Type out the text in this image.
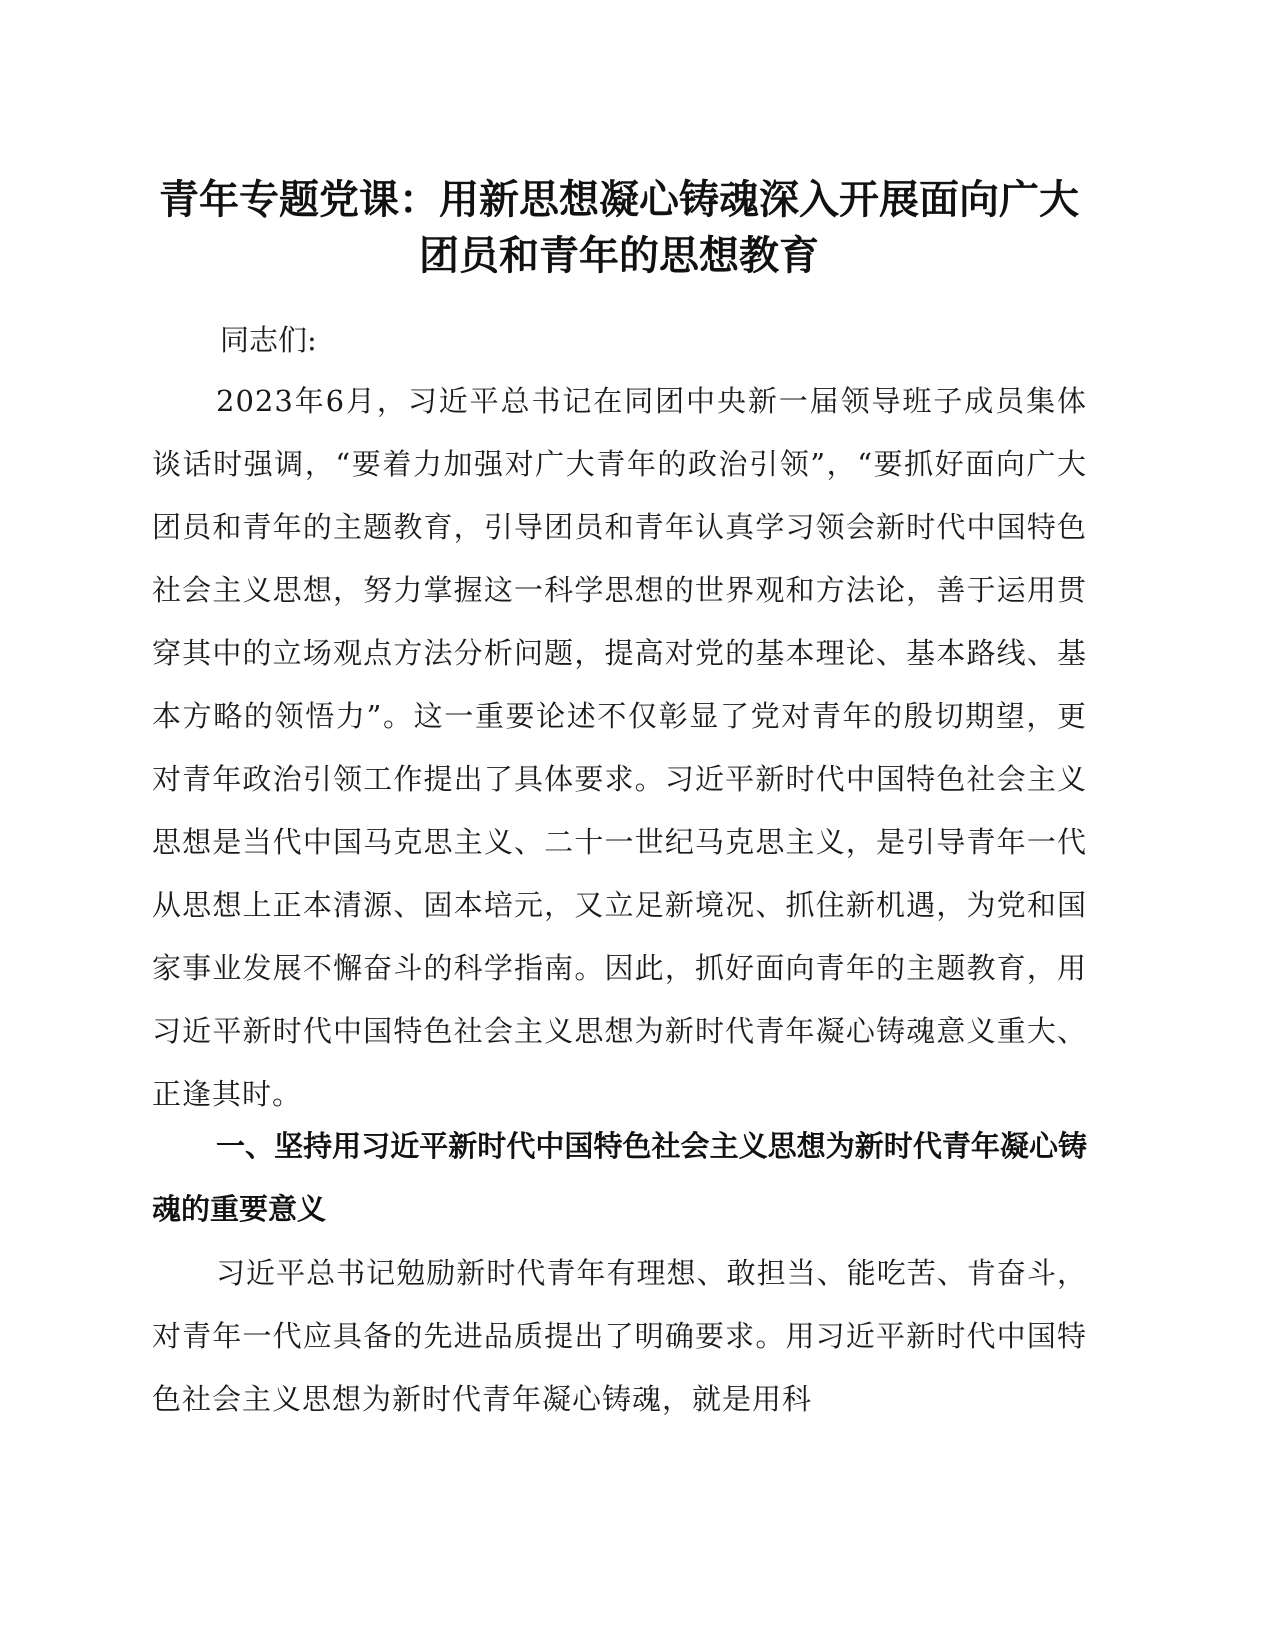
青年专题党课：用新思想凝心铸魂深入开展面向广大团员和青年的思想教育

同志们:

2023年6月，习近平总书记在同团中央新一届领导班子成员集体谈话时强调，“要着力加强对广大青年的政治引领”，“要抓好面向广大团员和青年的主题教育，引导团员和青年认真学习领会新时代中国特色社会主义思想，努力掌握这一科学思想的世界观和方法论，善于运用贯穿其中的立场观点方法分析问题，提高对党的基本理论、基本路线、基本方略的领悟力”。这一重要论述不仅彰显了党对青年的殷切期望，更对青年政治引领工作提出了具体要求。习近平新时代中国特色社会主义思想是当代中国马克思主义、二十一世纪马克思主义，是引导青年一代从思想上正本清源、固本培元，又立足新境况、抓住新机遇，为党和国家事业发展不懈奋斗的科学指南。因此，抓好面向青年的主题教育，用习近平新时代中国特色社会主义思想为新时代青年凝心铸魂意义重大、正逢其时。

一、坚持用习近平新时代中国特色社会主义思想为新时代青年凝心铸魂的重要意义

习近平总书记勉励新时代青年有理想、敢担当、能吃苦、肯奋斗，对青年一代应具备的先进品质提出了明确要求。用习近平新时代中国特色社会主义思想为新时代青年凝心铸魂，就是用科
